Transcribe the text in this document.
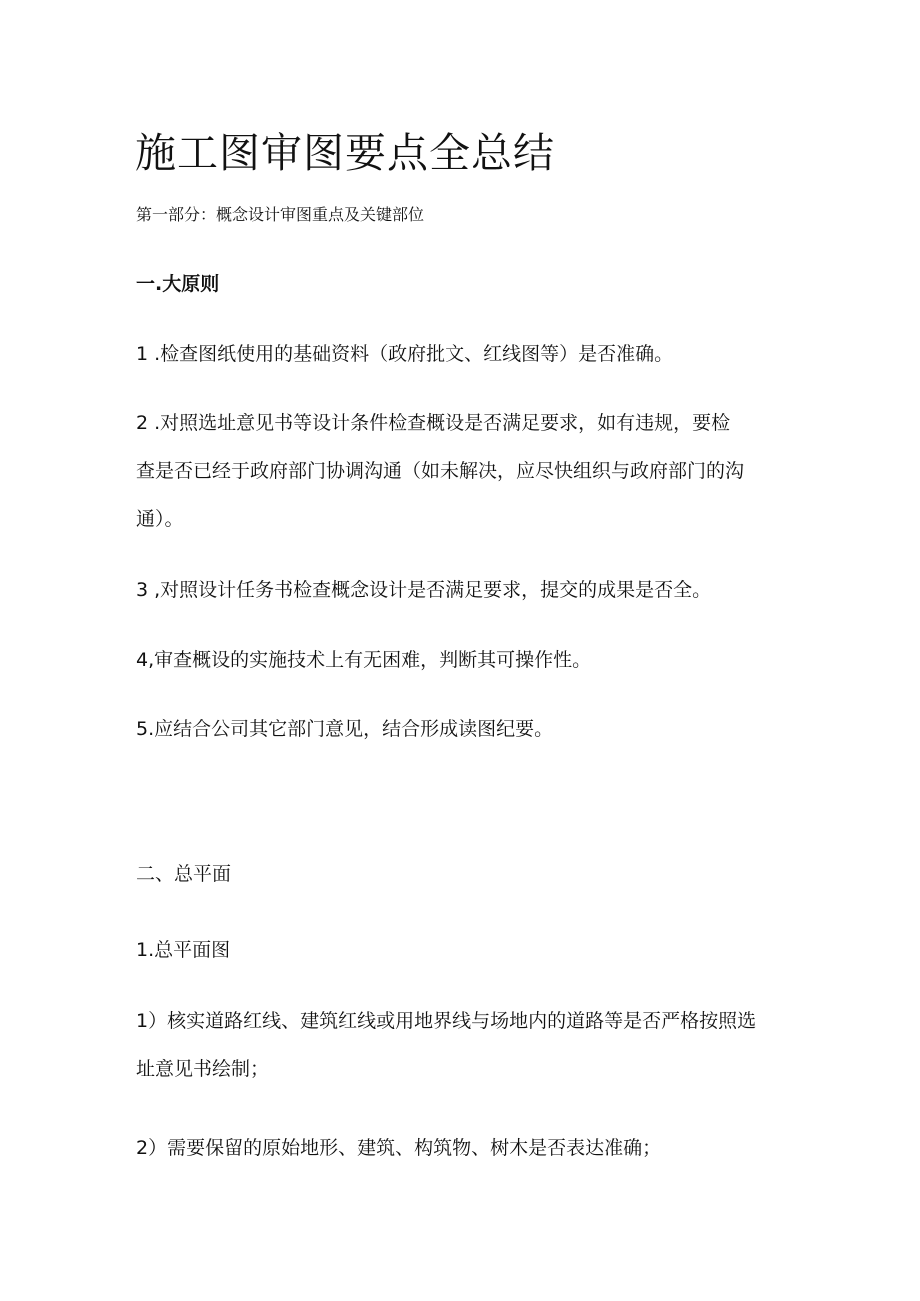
施工图审图要点全总结
第一部分：概念设计审图重点及关键部位
一.大原则
1 .检查图纸使用的基础资料（政府批文、红线图等）是否准确。
2 .对照选址意见书等设计条件检查概设是否满足要求，如有违规，要检
查是否已经于政府部门协调沟通（如未解决，应尽快组织与政府部门的沟
通）。
3 ,对照设计任务书检查概念设计是否满足要求，提交的成果是否全。
4,审查概设的实施技术上有无困难，判断其可操作性。
5.应结合公司其它部门意见，结合形成读图纪要。
二、总平面
1.总平面图
1）核实道路红线、建筑红线或用地界线与场地内的道路等是否严格按照选
址意见书绘制；
2）需要保留的原始地形、建筑、构筑物、树木是否表达准确；
